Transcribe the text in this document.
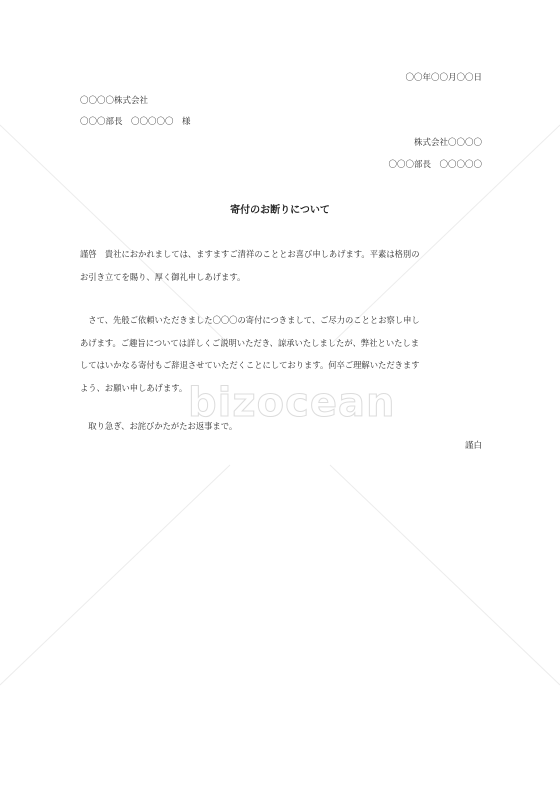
bizocean
〇〇年〇〇月〇〇日
〇〇〇〇株式会社
〇〇〇部長　〇〇〇〇〇　様
株式会社〇〇〇〇
〇〇〇部長　〇〇〇〇〇
寄付のお断りについて
謹啓　貴社におかれましては、ますますご清祥のこととお喜び申しあげます。平素は格別の
お引き立てを賜り、厚く御礼申しあげます。
　さて、先般ご依頼いただきました〇〇〇の寄付につきまして、ご尽力のこととお察し申し
あげます。ご趣旨については詳しくご説明いただき、諒承いたしましたが、弊社といたしま
してはいかなる寄付もご辞退させていただくことにしております。何卒ご理解いただきます
よう、お願い申しあげます。
　取り急ぎ、お詫びかたがたお返事まで。
謹白
